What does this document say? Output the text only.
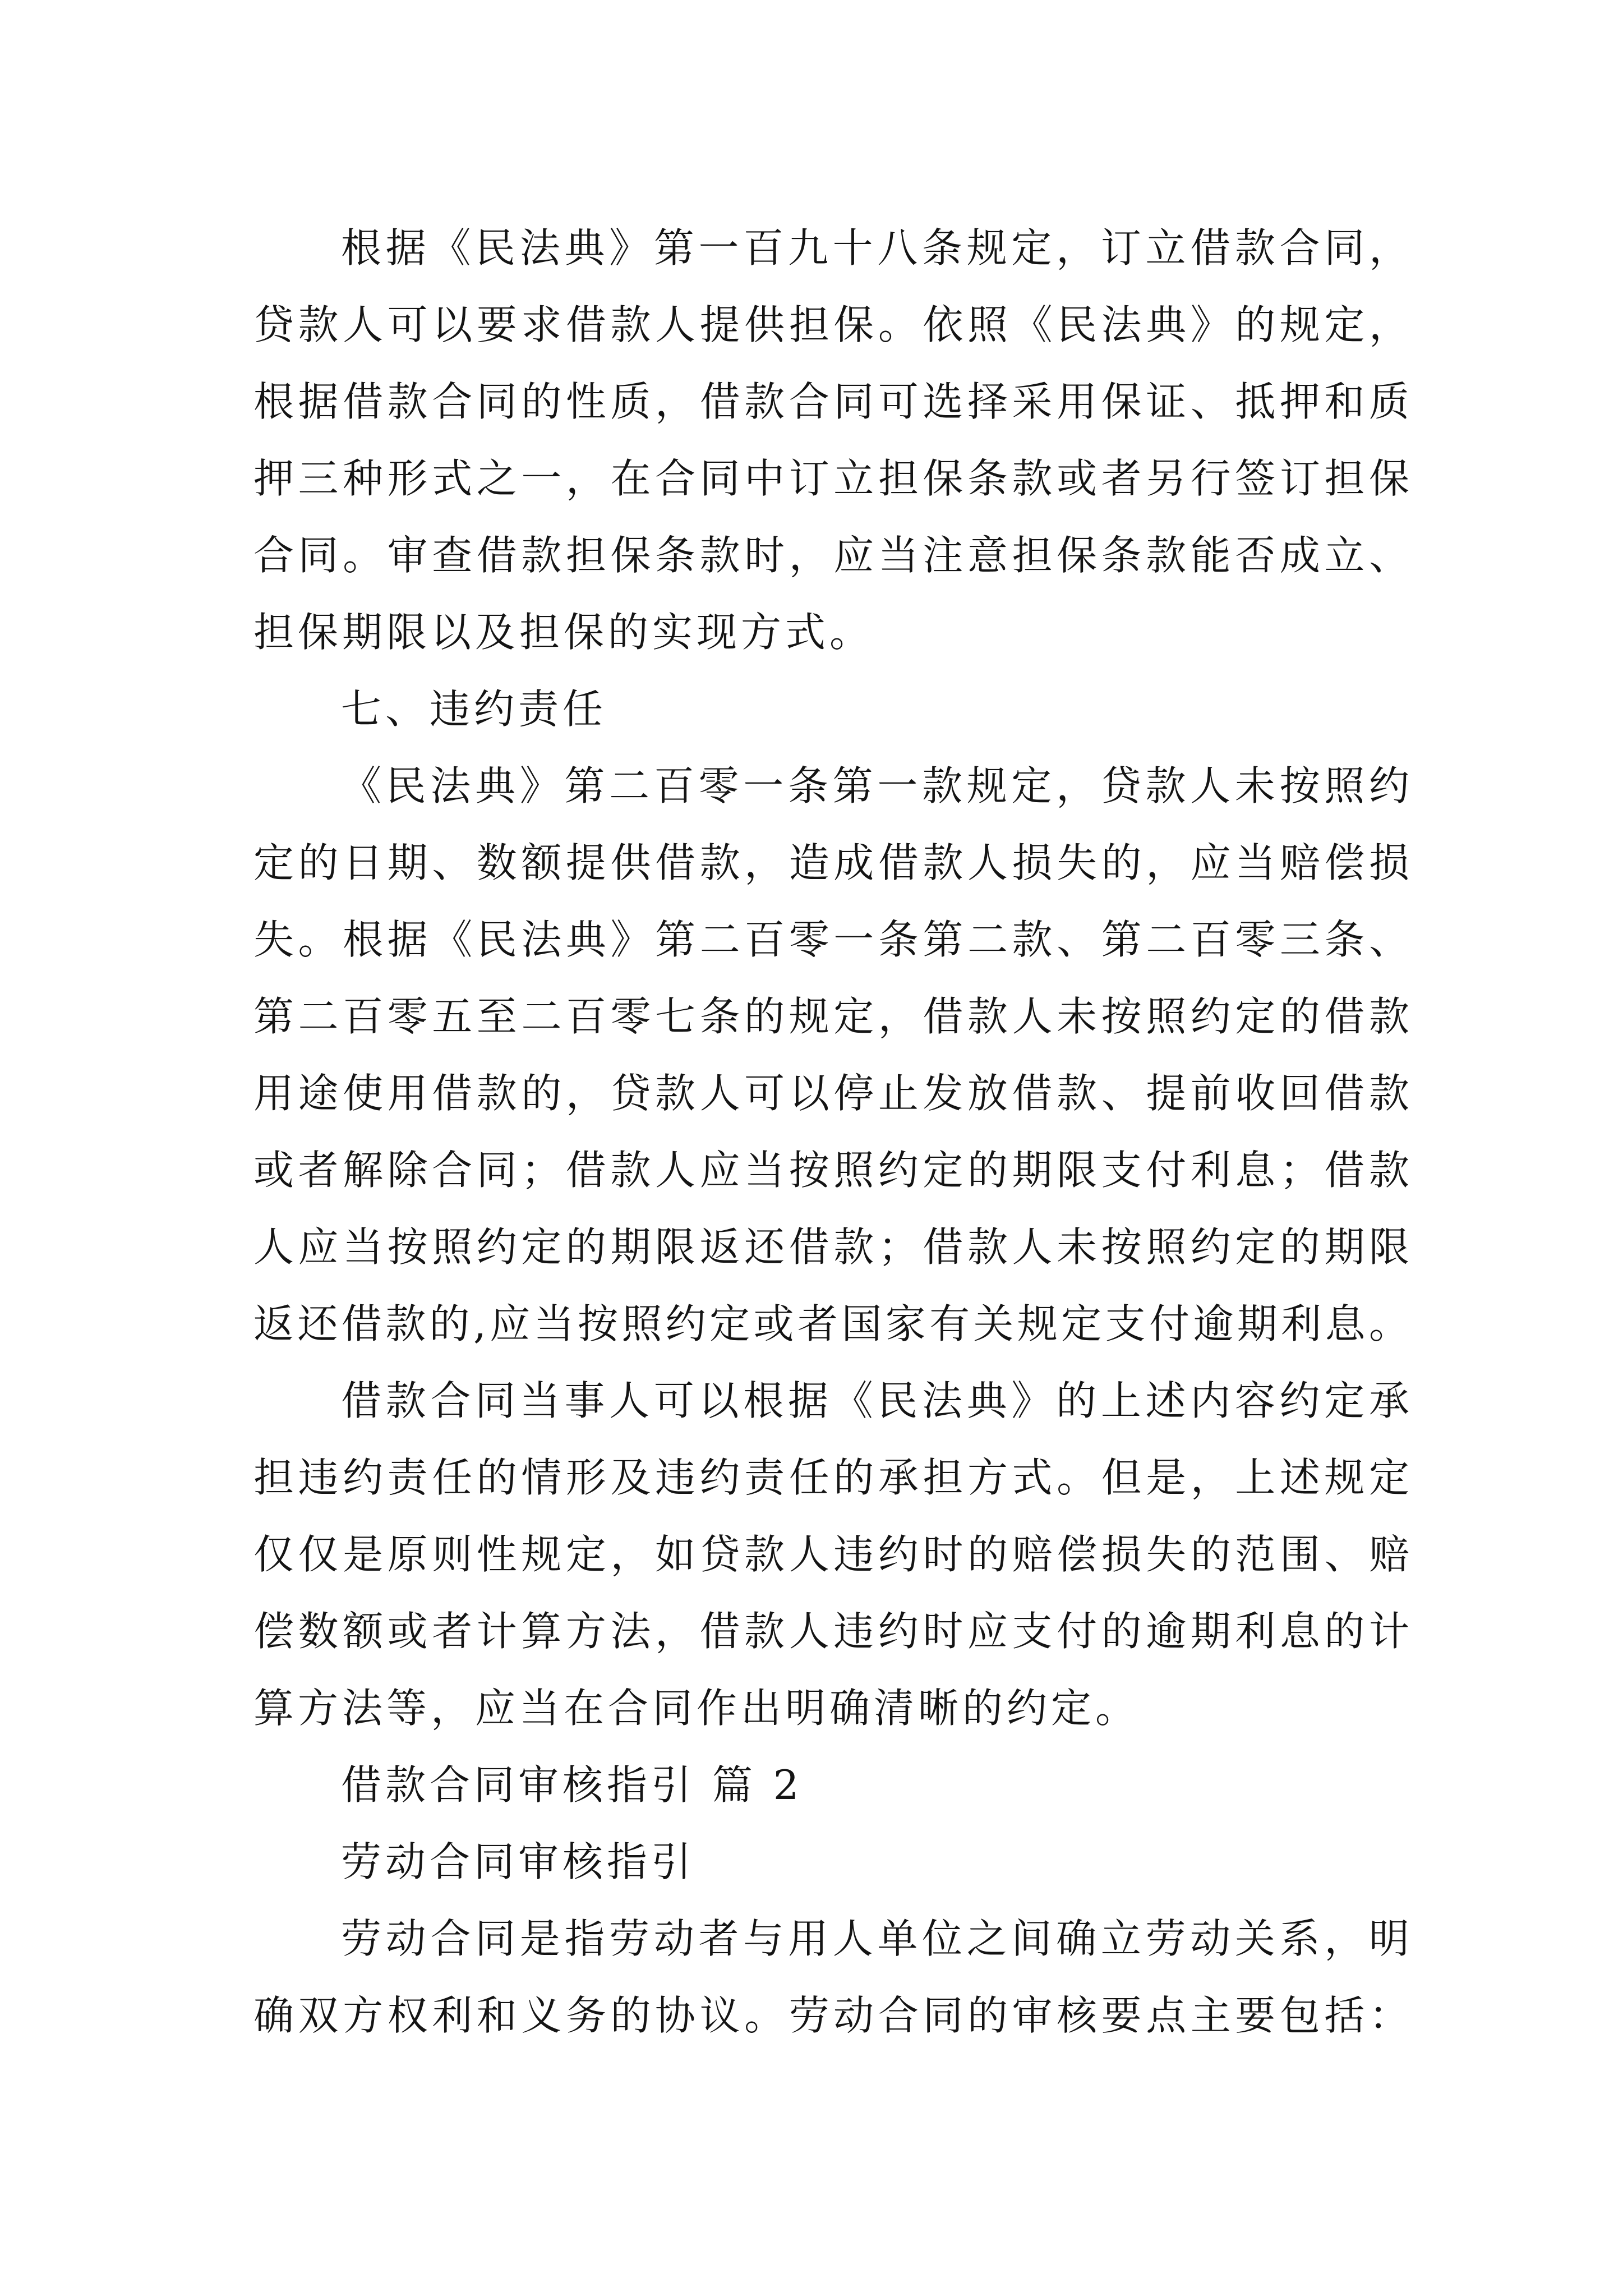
根据《民法典》第一百九十八条规定，订立借款合同，
贷款人可以要求借款人提供担保。依照《民法典》的规定，
根据借款合同的性质，借款合同可选择采用保证、抵押和质
押三种形式之一，在合同中订立担保条款或者另行签订担保
合同。审查借款担保条款时，应当注意担保条款能否成立、
担保期限以及担保的实现方式。
七、违约责任
《民法典》第二百零一条第一款规定，贷款人未按照约
定的日期、数额提供借款，造成借款人损失的，应当赔偿损
失。根据《民法典》第二百零一条第二款、第二百零三条、
第二百零五至二百零七条的规定，借款人未按照约定的借款
用途使用借款的，贷款人可以停止发放借款、提前收回借款
或者解除合同；借款人应当按照约定的期限支付利息；借款
人应当按照约定的期限返还借款；借款人未按照约定的期限
返还借款的,应当按照约定或者国家有关规定支付逾期利息。
借款合同当事人可以根据《民法典》的上述内容约定承
担违约责任的情形及违约责任的承担方式。但是，上述规定
仅仅是原则性规定，如贷款人违约时的赔偿损失的范围、赔
偿数额或者计算方法，借款人违约时应支付的逾期利息的计
算方法等，应当在合同作出明确清晰的约定。
借款合同审核指引 篇 2
劳动合同审核指引
劳动合同是指劳动者与用人单位之间确立劳动关系，明
确双方权利和义务的协议。劳动合同的审核要点主要包括：
